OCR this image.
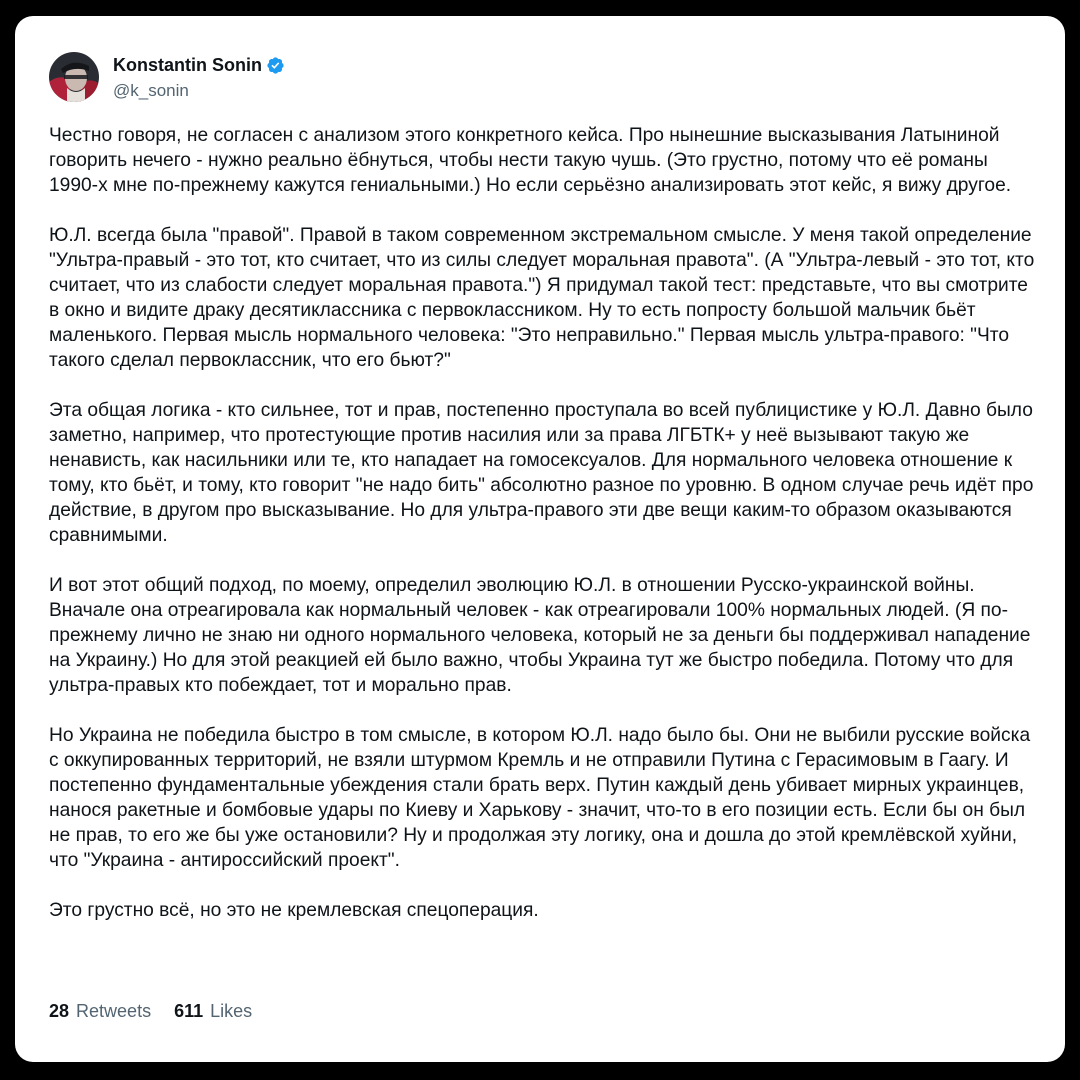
Konstantin Sonin
@k_sonin

Честно говоря, не согласен с анализом этого конкретного кейса. Про нынешние высказывания Латыниной говорить нечего - нужно реально ёбнуться, чтобы нести такую чушь. (Это грустно, потому что её романы 1990-х мне по-прежнему кажутся гениальными.) Но если серьёзно анализировать этот кейс, я вижу другое.

Ю.Л. всегда была "правой". Правой в таком современном экстремальном смысле. У меня такой определение "Ультра-правый - это тот, кто считает, что из силы следует моральная правота". (А "Ультра-левый - это тот, кто считает, что из слабости следует моральная правота.") Я придумал такой тест: представьте, что вы смотрите в окно и видите драку десятиклассника с первоклассником. Ну то есть попросту большой мальчик бьёт маленького. Первая мысль нормального человека: "Это неправильно." Первая мысль ультра-правого: "Что такого сделал первоклассник, что его бьют?"

Эта общая логика - кто сильнее, тот и прав, постепенно проступала во всей публицистике у Ю.Л. Давно было заметно, например, что протестующие против насилия или за права ЛГБТК+ у неё вызывают такую же ненависть, как насильники или те, кто нападает на гомосексуалов. Для нормального человека отношение к тому, кто бьёт, и тому, кто говорит "не надо бить" абсолютно разное по уровню. В одном случае речь идёт про действие, в другом про высказывание. Но для ультра-правого эти две вещи каким-то образом оказываются сравнимыми.

И вот этот общий подход, по моему, определил эволюцию Ю.Л. в отношении Русско-украинской войны. Вначале она отреагировала как нормальный человек - как отреагировали 100% нормальных людей. (Я по-прежнему лично не знаю ни одного нормального человека, который не за деньги бы поддерживал нападение на Украину.) Но для этой реакцией ей было важно, чтобы Украина тут же быстро победила. Потому что для ультра-правых кто побеждает, тот и морально прав.

Но Украина не победила быстро в том смысле, в котором Ю.Л. надо было бы. Они не выбили русские войска с оккупированных территорий, не взяли штурмом Кремль и не отправили Путина с Герасимовым в Гаагу. И постепенно фундаментальные убеждения стали брать верх. Путин каждый день убивает мирных украинцев, нанося ракетные и бомбовые удары по Киеву и Харькову - значит, что-то в его позиции есть. Если бы он был не прав, то его же бы уже остановили? Ну и продолжая эту логику, она и дошла до этой кремлёвской хуйни, что "Украина - антироссийский проект".

Это грустно всё, но это не кремлевская спецоперация.

28 Retweets 611 Likes
